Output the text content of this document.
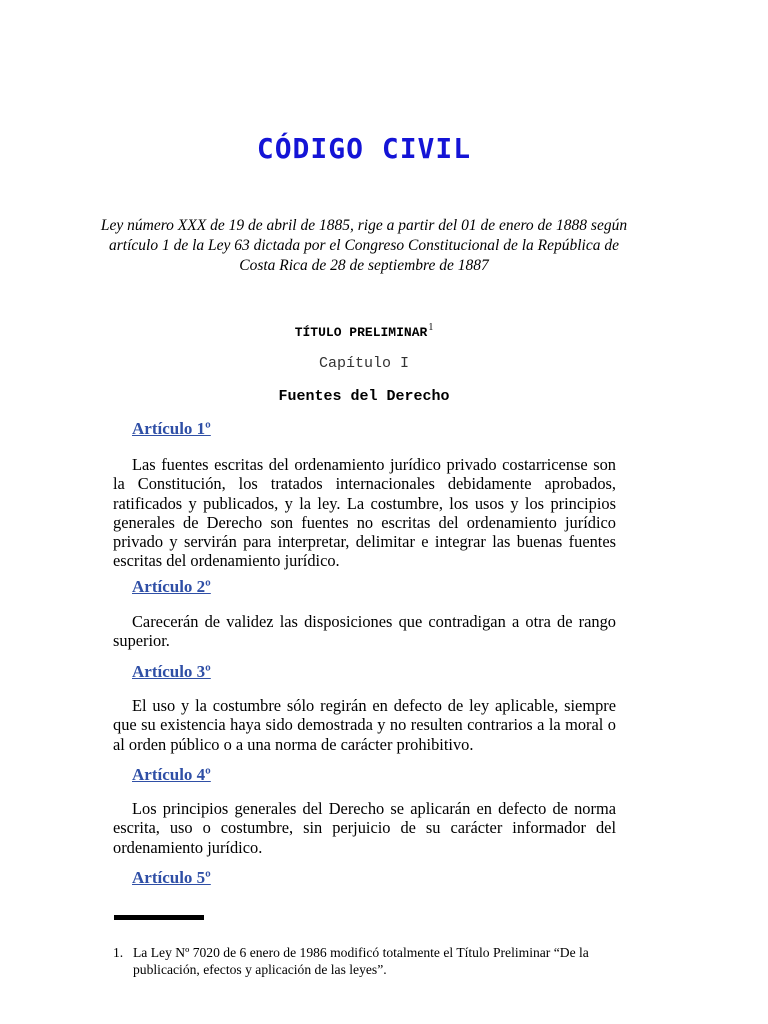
CÓDIGO CIVIL

Ley número XXX de 19 de abril de 1885, rige a partir del 01 de enero de 1888 según artículo 1 de la Ley 63 dictada por el Congreso Constitucional de la República de Costa Rica de 28 de septiembre de 1887

TÍTULO PRELIMINAR$^1$
Capítulo I
Fuentes del Derecho
Artículo 1º

Las fuentes escritas del ordenamiento jurídico privado costarricense son la Constitución, los tratados internacionales debidamente aprobados, ratificados y publicados, y la ley. La costumbre, los usos y los principios generales de Derecho son fuentes no escritas del ordenamiento jurídico privado y servirán para interpretar, delimitar e integrar las buenas fuentes escritas del ordenamiento jurídico.

Artículo 2º

Carecerán de validez las disposiciones que contradigan a otra de rango superior.

Artículo 3º

El uso y la costumbre sólo regirán en defecto de ley aplicable, siempre que su existencia haya sido demostrada y no resulten contrarios a la moral o al orden público o a una norma de carácter prohibitivo.

Artículo 4º

Los principios generales del Derecho se aplicarán en defecto de norma escrita, uso o costumbre, sin perjuicio de su carácter informador del ordenamiento jurídico.

Artículo 5º
1. La Ley Nº 7020 de 6 enero de 1986 modificó totalmente el Título Preliminar “De la publicación, efectos y aplicación de las leyes”.
